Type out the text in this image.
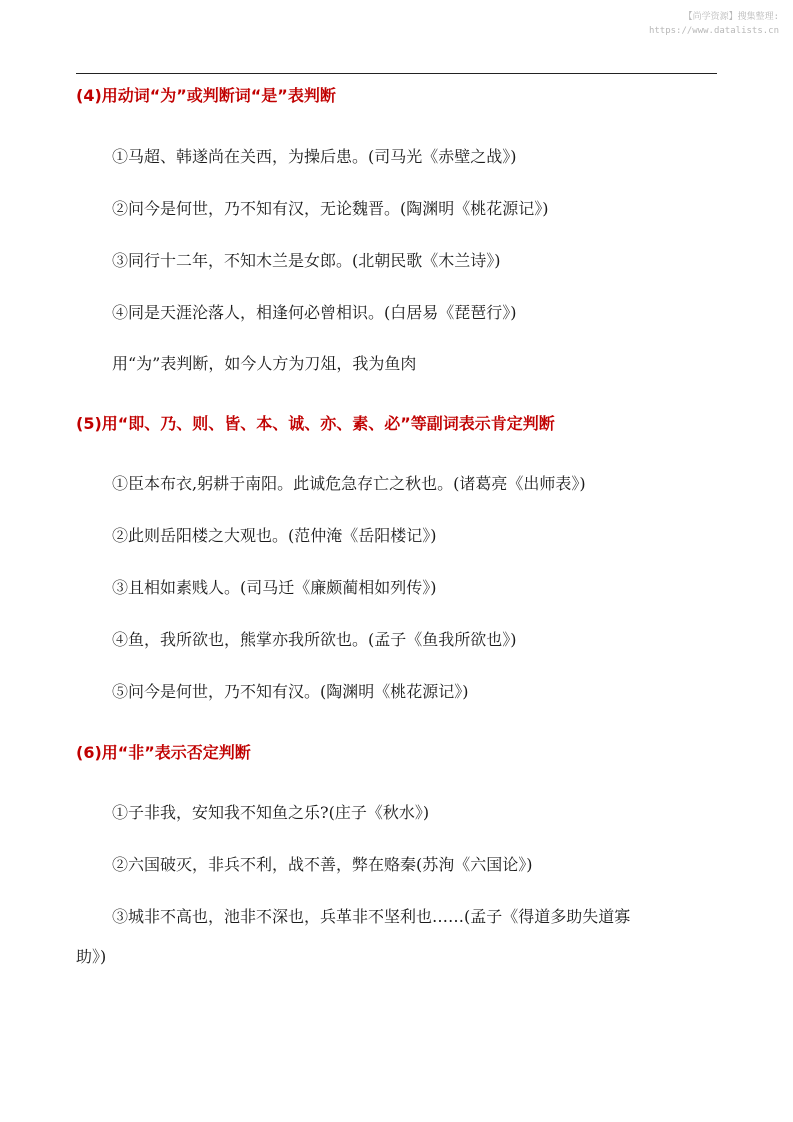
【尚学资源】搜集整理:
https://www.datalists.cn
(4)用动词“为”或判断词“是”表判断
①马超、韩遂尚在关西，为操后患。(司马光《赤壁之战》)
②问今是何世，乃不知有汉，无论魏晋。(陶渊明《桃花源记》)
③同行十二年，不知木兰是女郎。(北朝民歌《木兰诗》)
④同是天涯沦落人，相逢何必曾相识。(白居易《琵琶行》)
用“为”表判断，如今人方为刀俎，我为鱼肉
(5)用“即、乃、则、皆、本、诚、亦、素、必”等副词表示肯定判断
①臣本布衣,躬耕于南阳。此诚危急存亡之秋也。(诸葛亮《出师表》)
②此则岳阳楼之大观也。(范仲淹《岳阳楼记》)
③且相如素贱人。(司马迁《廉颇蔺相如列传》)
④鱼，我所欲也，熊掌亦我所欲也。(孟子《鱼我所欲也》)
⑤问今是何世，乃不知有汉。(陶渊明《桃花源记》)
(6)用“非”表示否定判断
①子非我，安知我不知鱼之乐?(庄子《秋水》)
②六国破灭，非兵不利，战不善，弊在赂秦(苏洵《六国论》)
③城非不高也，池非不深也，兵革非不坚利也……(孟子《得道多助失道寡
助》)
